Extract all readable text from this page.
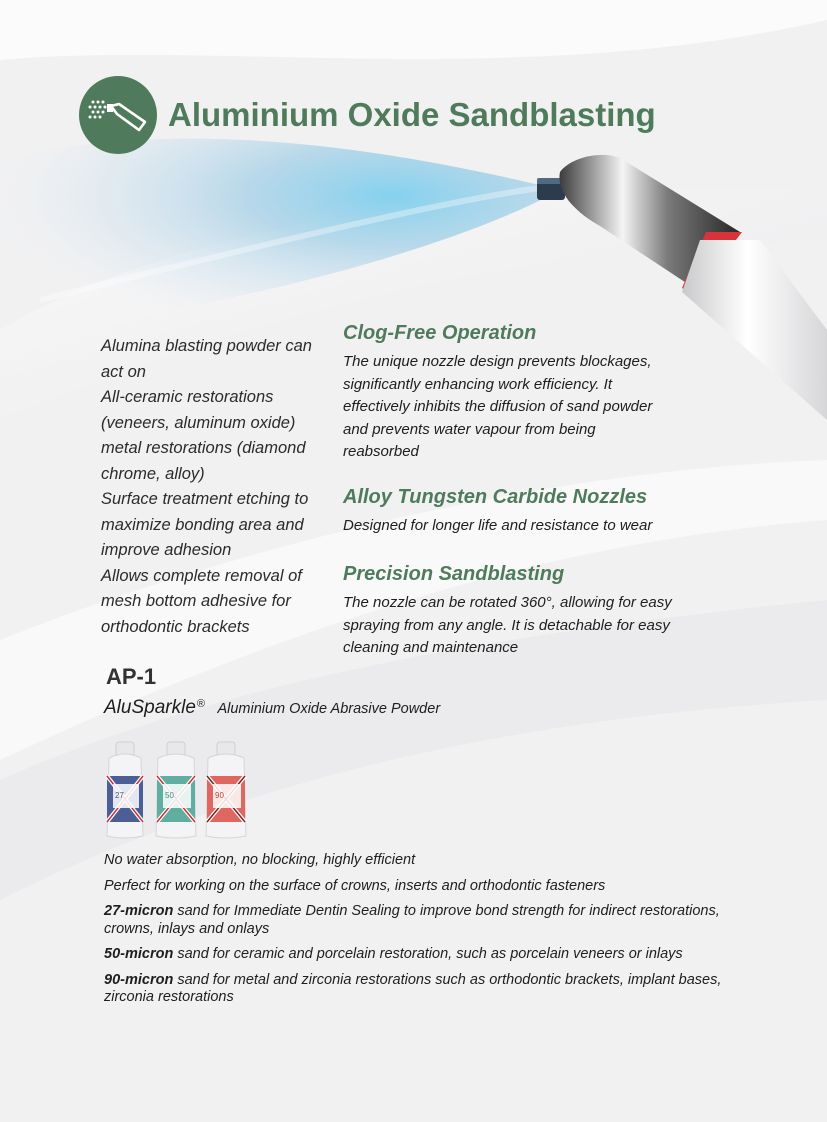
Aluminium Oxide Sandblasting

Alumina blasting powder can act on

All-ceramic restorations (veneers, aluminum oxide)

metal restorations (diamond chrome, alloy)

Surface treatment etching to maximize bonding area and improve adhesion

Allows complete removal of mesh bottom adhesive for orthodontic brackets

Clog-Free Operation

The unique nozzle design prevents blockages, significantly enhancing work efficiency. It effectively inhibits the diffusion of sand powder and prevents water vapour from being reabsorbed

Alloy Tungsten Carbide Nozzles

Designed for longer life and resistance to wear

Precision Sandblasting

The nozzle can be rotated 360°, allowing for easy spraying from any angle. It is detachable for easy cleaning and maintenance

AP-1
AluSparkle® Aluminium Oxide Abrasive Powder
27	50	90

No water absorption, no blocking, highly efficient

Perfect for working on the surface of crowns, inserts and orthodontic fasteners

27-micron sand for Immediate Dentin Sealing to improve bond strength for indirect restorations, crowns, inlays and onlays

50-micron sand for ceramic and porcelain restoration, such as porcelain veneers or inlays

90-micron sand for metal and zirconia restorations such as orthodontic brackets, implant bases, zirconia restorations
